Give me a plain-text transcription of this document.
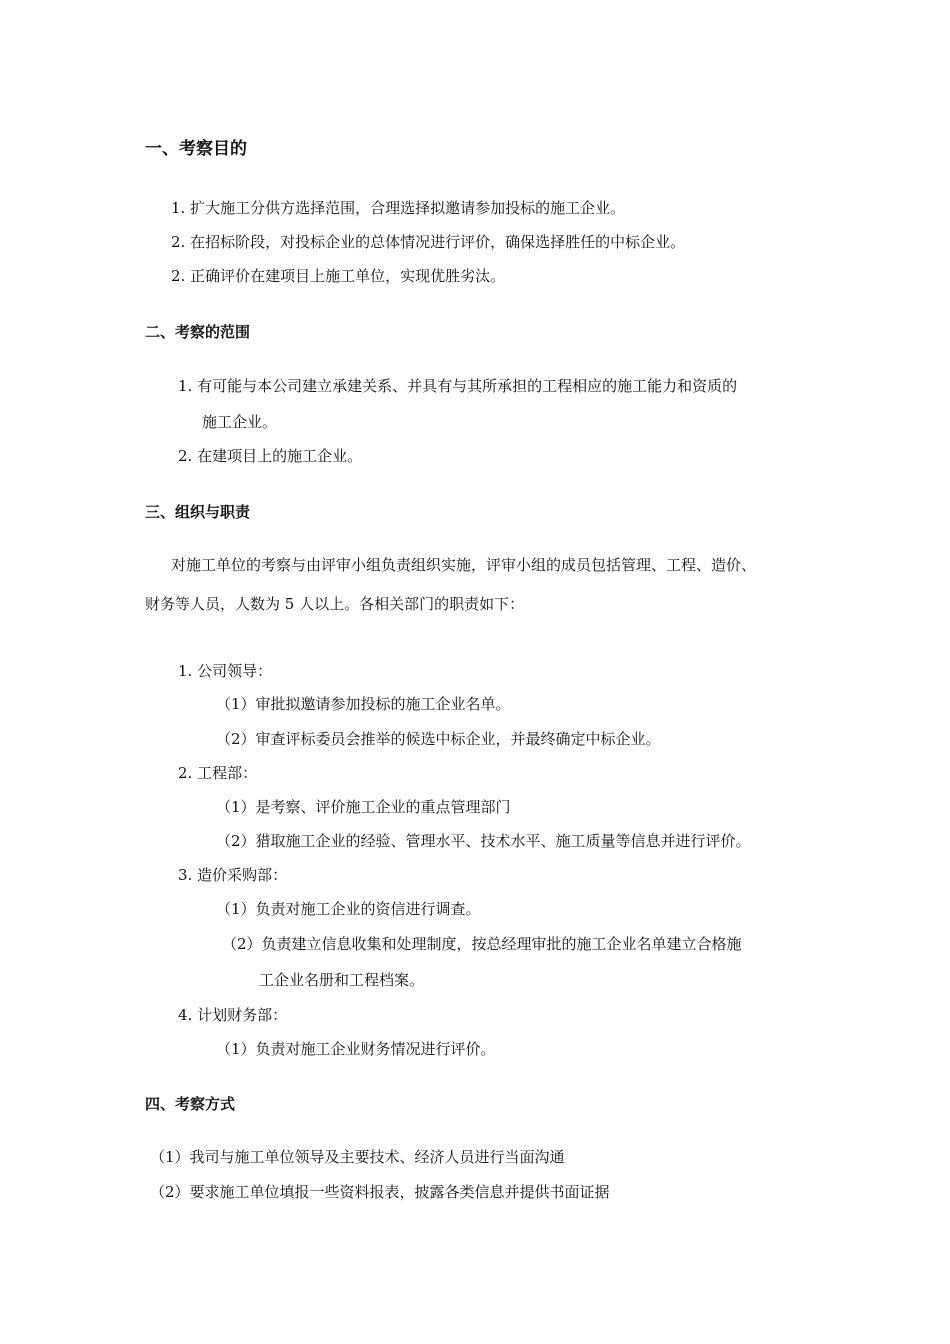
一、考察目的
1. 扩大施工分供方选择范围，合理选择拟邀请参加投标的施工企业。
2. 在招标阶段，对投标企业的总体情况进行评价，确保选择胜任的中标企业。
2. 正确评价在建项目上施工单位，实现优胜劣汰。
二、考察的范围
1. 有可能与本公司建立承建关系、并具有与其所承担的工程相应的施工能力和资质的
施工企业。
2. 在建项目上的施工企业。
三、组织与职责
对施工单位的考察与由评审小组负责组织实施，评审小组的成员包括管理、工程、造价、
财务等人员，人数为 5 人以上。各相关部门的职责如下：
1. 公司领导：
（1）审批拟邀请参加投标的施工企业名单。
（2）审查评标委员会推举的候选中标企业，并最终确定中标企业。
2. 工程部：
（1）是考察、评价施工企业的重点管理部门
（2）猎取施工企业的经验、管理水平、技术水平、施工质量等信息并进行评价。
3. 造价采购部：
（1）负责对施工企业的资信进行调查。
（2）负责建立信息收集和处理制度，按总经理审批的施工企业名单建立合格施
工企业名册和工程档案。
4. 计划财务部：
（1）负责对施工企业财务情况进行评价。
四、考察方式
（1）我司与施工单位领导及主要技术、经济人员进行当面沟通
（2）要求施工单位填报一些资料报表，披露各类信息并提供书面证据
